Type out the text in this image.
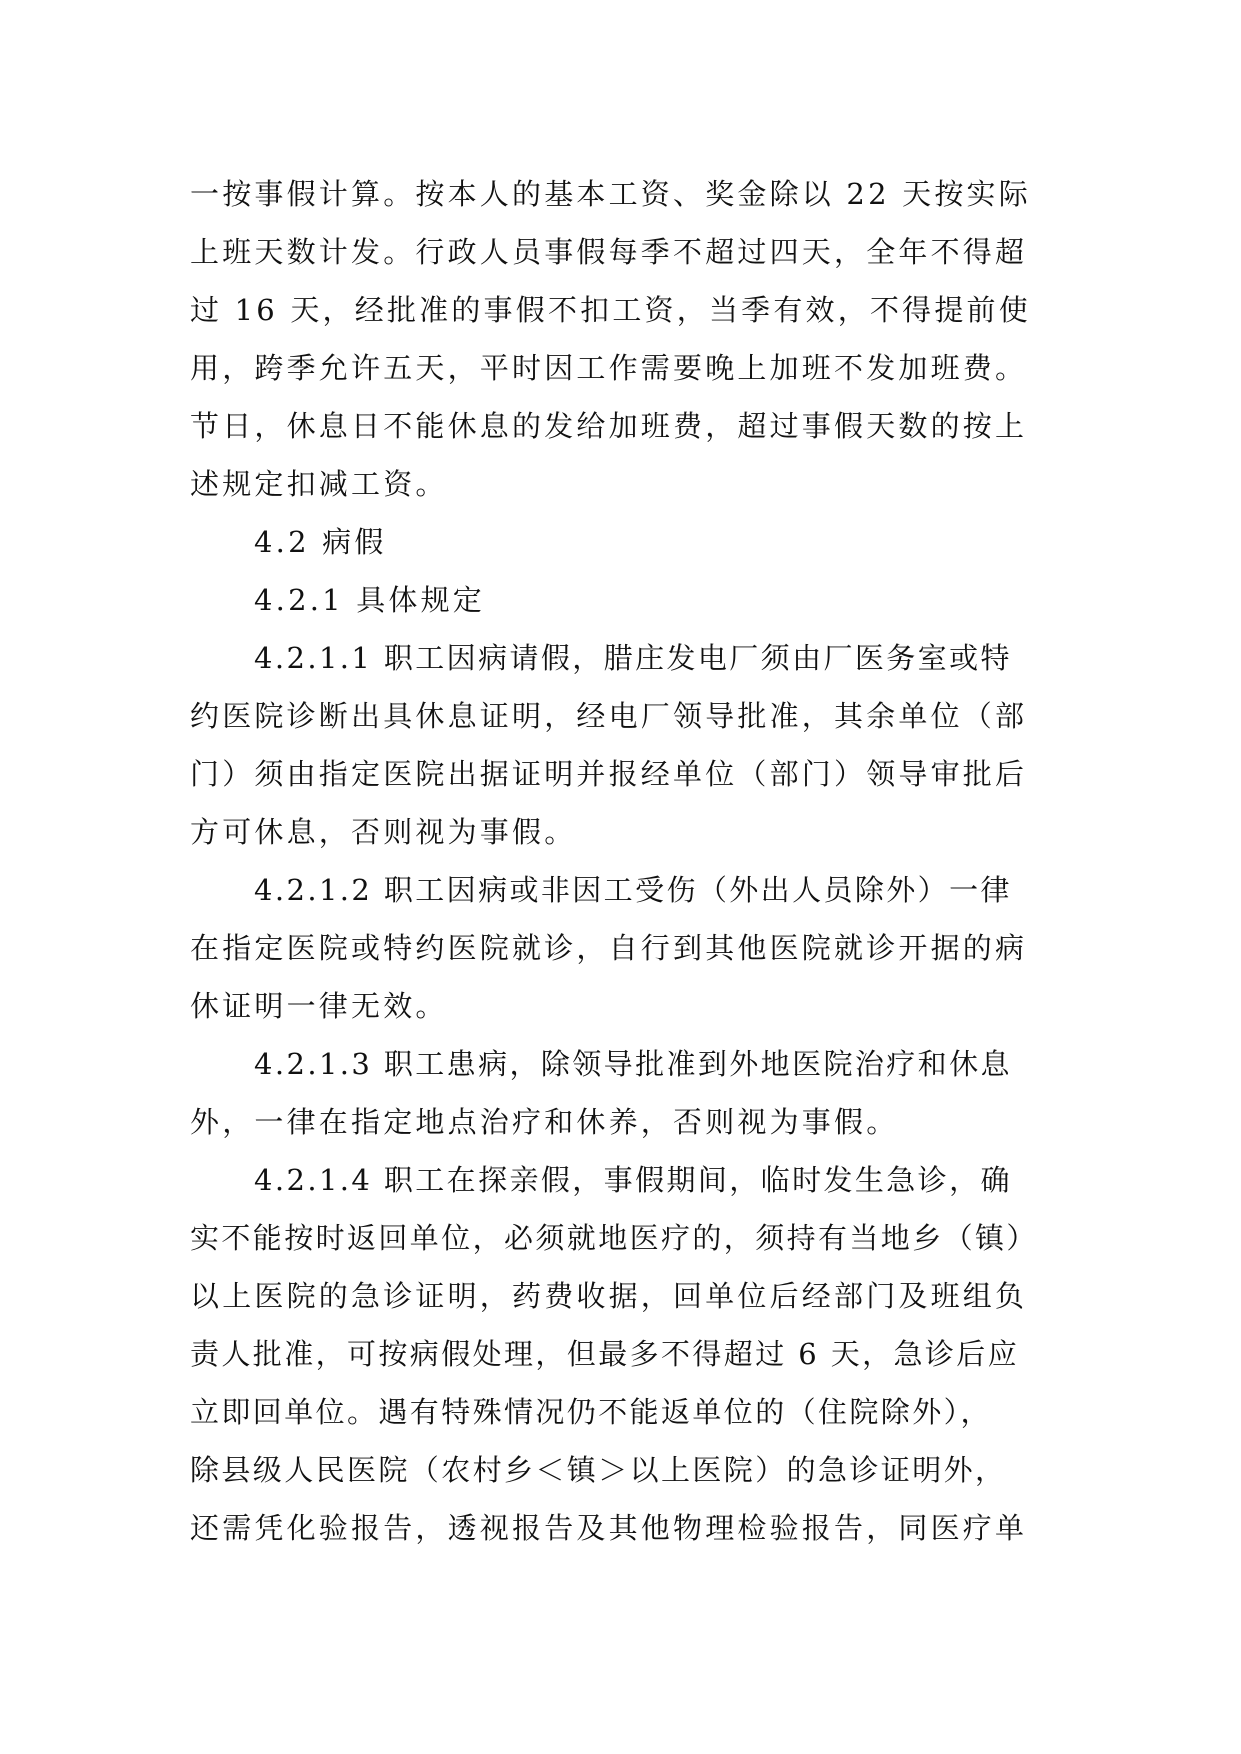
一按事假计算。按本人的基本工资、奖金除以 22 天按实际
上班天数计发。行政人员事假每季不超过四天，全年不得超
过 16 天，经批准的事假不扣工资，当季有效，不得提前使
用，跨季允许五天，平时因工作需要晚上加班不发加班费。
节日，休息日不能休息的发给加班费，超过事假天数的按上
述规定扣减工资。
4.2 病假
4.2.1 具体规定
4.2.1.1 职工因病请假，腊庄发电厂须由厂医务室或特
约医院诊断出具休息证明，经电厂领导批准，其余单位（部
门）须由指定医院出据证明并报经单位（部门）领导审批后
方可休息，否则视为事假。
4.2.1.2 职工因病或非因工受伤（外出人员除外）一律
在指定医院或特约医院就诊，自行到其他医院就诊开据的病
休证明一律无效。
4.2.1.3 职工患病，除领导批准到外地医院治疗和休息
外，一律在指定地点治疗和休养，否则视为事假。
4.2.1.4 职工在探亲假，事假期间，临时发生急诊，确
实不能按时返回单位，必须就地医疗的，须持有当地乡（镇）
以上医院的急诊证明，药费收据，回单位后经部门及班组负
责人批准，可按病假处理，但最多不得超过 6 天，急诊后应
立即回单位。遇有特殊情况仍不能返单位的（住院除外），
除县级人民医院（农村乡＜镇＞以上医院）的急诊证明外，
还需凭化验报告，透视报告及其他物理检验报告，同医疗单
